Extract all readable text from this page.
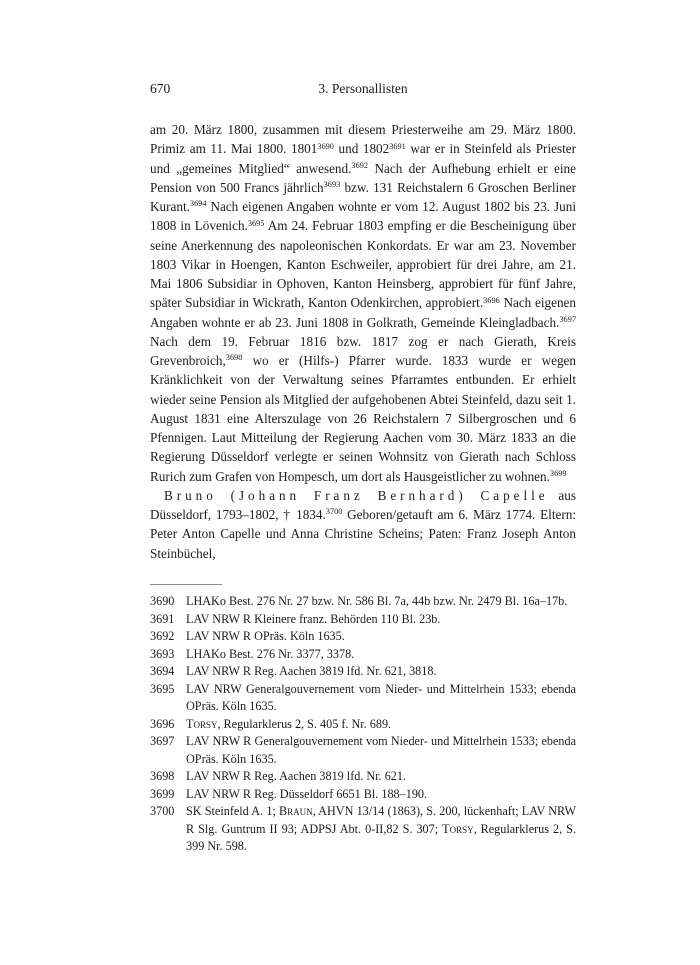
670	3. Personallisten

am 20. März 1800, zusammen mit diesem Priesterweihe am 29. März 1800. Primiz am 11. Mai 1800. 1801$^{3690}$ und 1802$^{3691}$ war er in Steinfeld als Priester und „gemeines Mitglied“ anwesend.$^{3692}$ Nach der Aufhebung erhielt er eine Pension von 500 Francs jährlich$^{3693}$ bzw. 131 Reichstalern 6 Groschen Berliner Kurant.$^{3694}$ Nach eigenen Angaben wohnte er vom 12. August 1802 bis 23. Juni 1808 in Lövenich.$^{3695}$ Am 24. Februar 1803 empfing er die Bescheinigung über seine Anerkennung des napoleonischen Konkordats. Er war am 23. November 1803 Vikar in Hoengen, Kanton Eschweiler, approbiert für drei Jahre, am 21. Mai 1806 Subsidiar in Ophoven, Kanton Heinsberg, approbiert für fünf Jahre, später Subsidiar in Wickrath, Kanton Odenkirchen, approbiert.$^{3696}$ Nach eigenen Angaben wohnte er ab 23. Juni 1808 in Golkrath, Gemeinde Kleingladbach.$^{3697}$ Nach dem 19. Februar 1816 bzw. 1817 zog er nach Gierath, Kreis Grevenbroich,$^{3698}$ wo er (Hilfs-) Pfarrer wurde. 1833 wurde er wegen Kränklichkeit von der Verwaltung seines Pfarramtes entbunden. Er erhielt wieder seine Pension als Mitglied der aufgehobenen Abtei Steinfeld, dazu seit 1. August 1831 eine Alterszulage von 26 Reichstalern 7 Silbergroschen und 6 Pfennigen. Laut Mitteilung der Regierung Aachen vom 30. März 1833 an die Regierung Düsseldorf verlegte er seinen Wohnsitz von Gierath nach Schloss Rurich zum Grafen von Hompesch, um dort als Hausgeistlicher zu wohnen.$^{3699}$

Bruno (Johann Franz Bernhard) Capelle aus Düsseldorf, 1793–1802, † 1834.$^{3700}$ Geboren/getauft am 6. März 1774. Eltern: Peter Anton Capelle und Anna Christine Scheins; Paten: Franz Joseph Anton Steinbüchel,

3690 LHAKo Best. 276 Nr. 27 bzw. Nr. 586 Bl. 7a, 44b bzw. Nr. 2479 Bl. 16a–17b.
3691 LAV NRW R Kleinere franz. Behörden 110 Bl. 23b.
3692 LAV NRW R OPräs. Köln 1635.
3693 LHAKo Best. 276 Nr. 3377, 3378.
3694 LAV NRW R Reg. Aachen 3819 lfd. Nr. 621, 3818.
3695 LAV NRW Generalgouvernement vom Nieder- und Mittelrhein 1533; ebenda OPräs. Köln 1635.
3696 Torsy, Regularklerus 2, S. 405 f. Nr. 689.
3697 LAV NRW R Generalgouvernement vom Nieder- und Mittelrhein 1533; ebenda OPräs. Köln 1635.
3698 LAV NRW R Reg. Aachen 3819 lfd. Nr. 621.
3699 LAV NRW R Reg. Düsseldorf 6651 Bl. 188–190.
3700 SK Steinfeld A. 1; Braun, AHVN 13/14 (1863), S. 200, lückenhaft; LAV NRW R Slg. Guntrum II 93; ADPSJ Abt. 0-II,82 S. 307; Torsy, Regularklerus 2, S. 399 Nr. 598.
